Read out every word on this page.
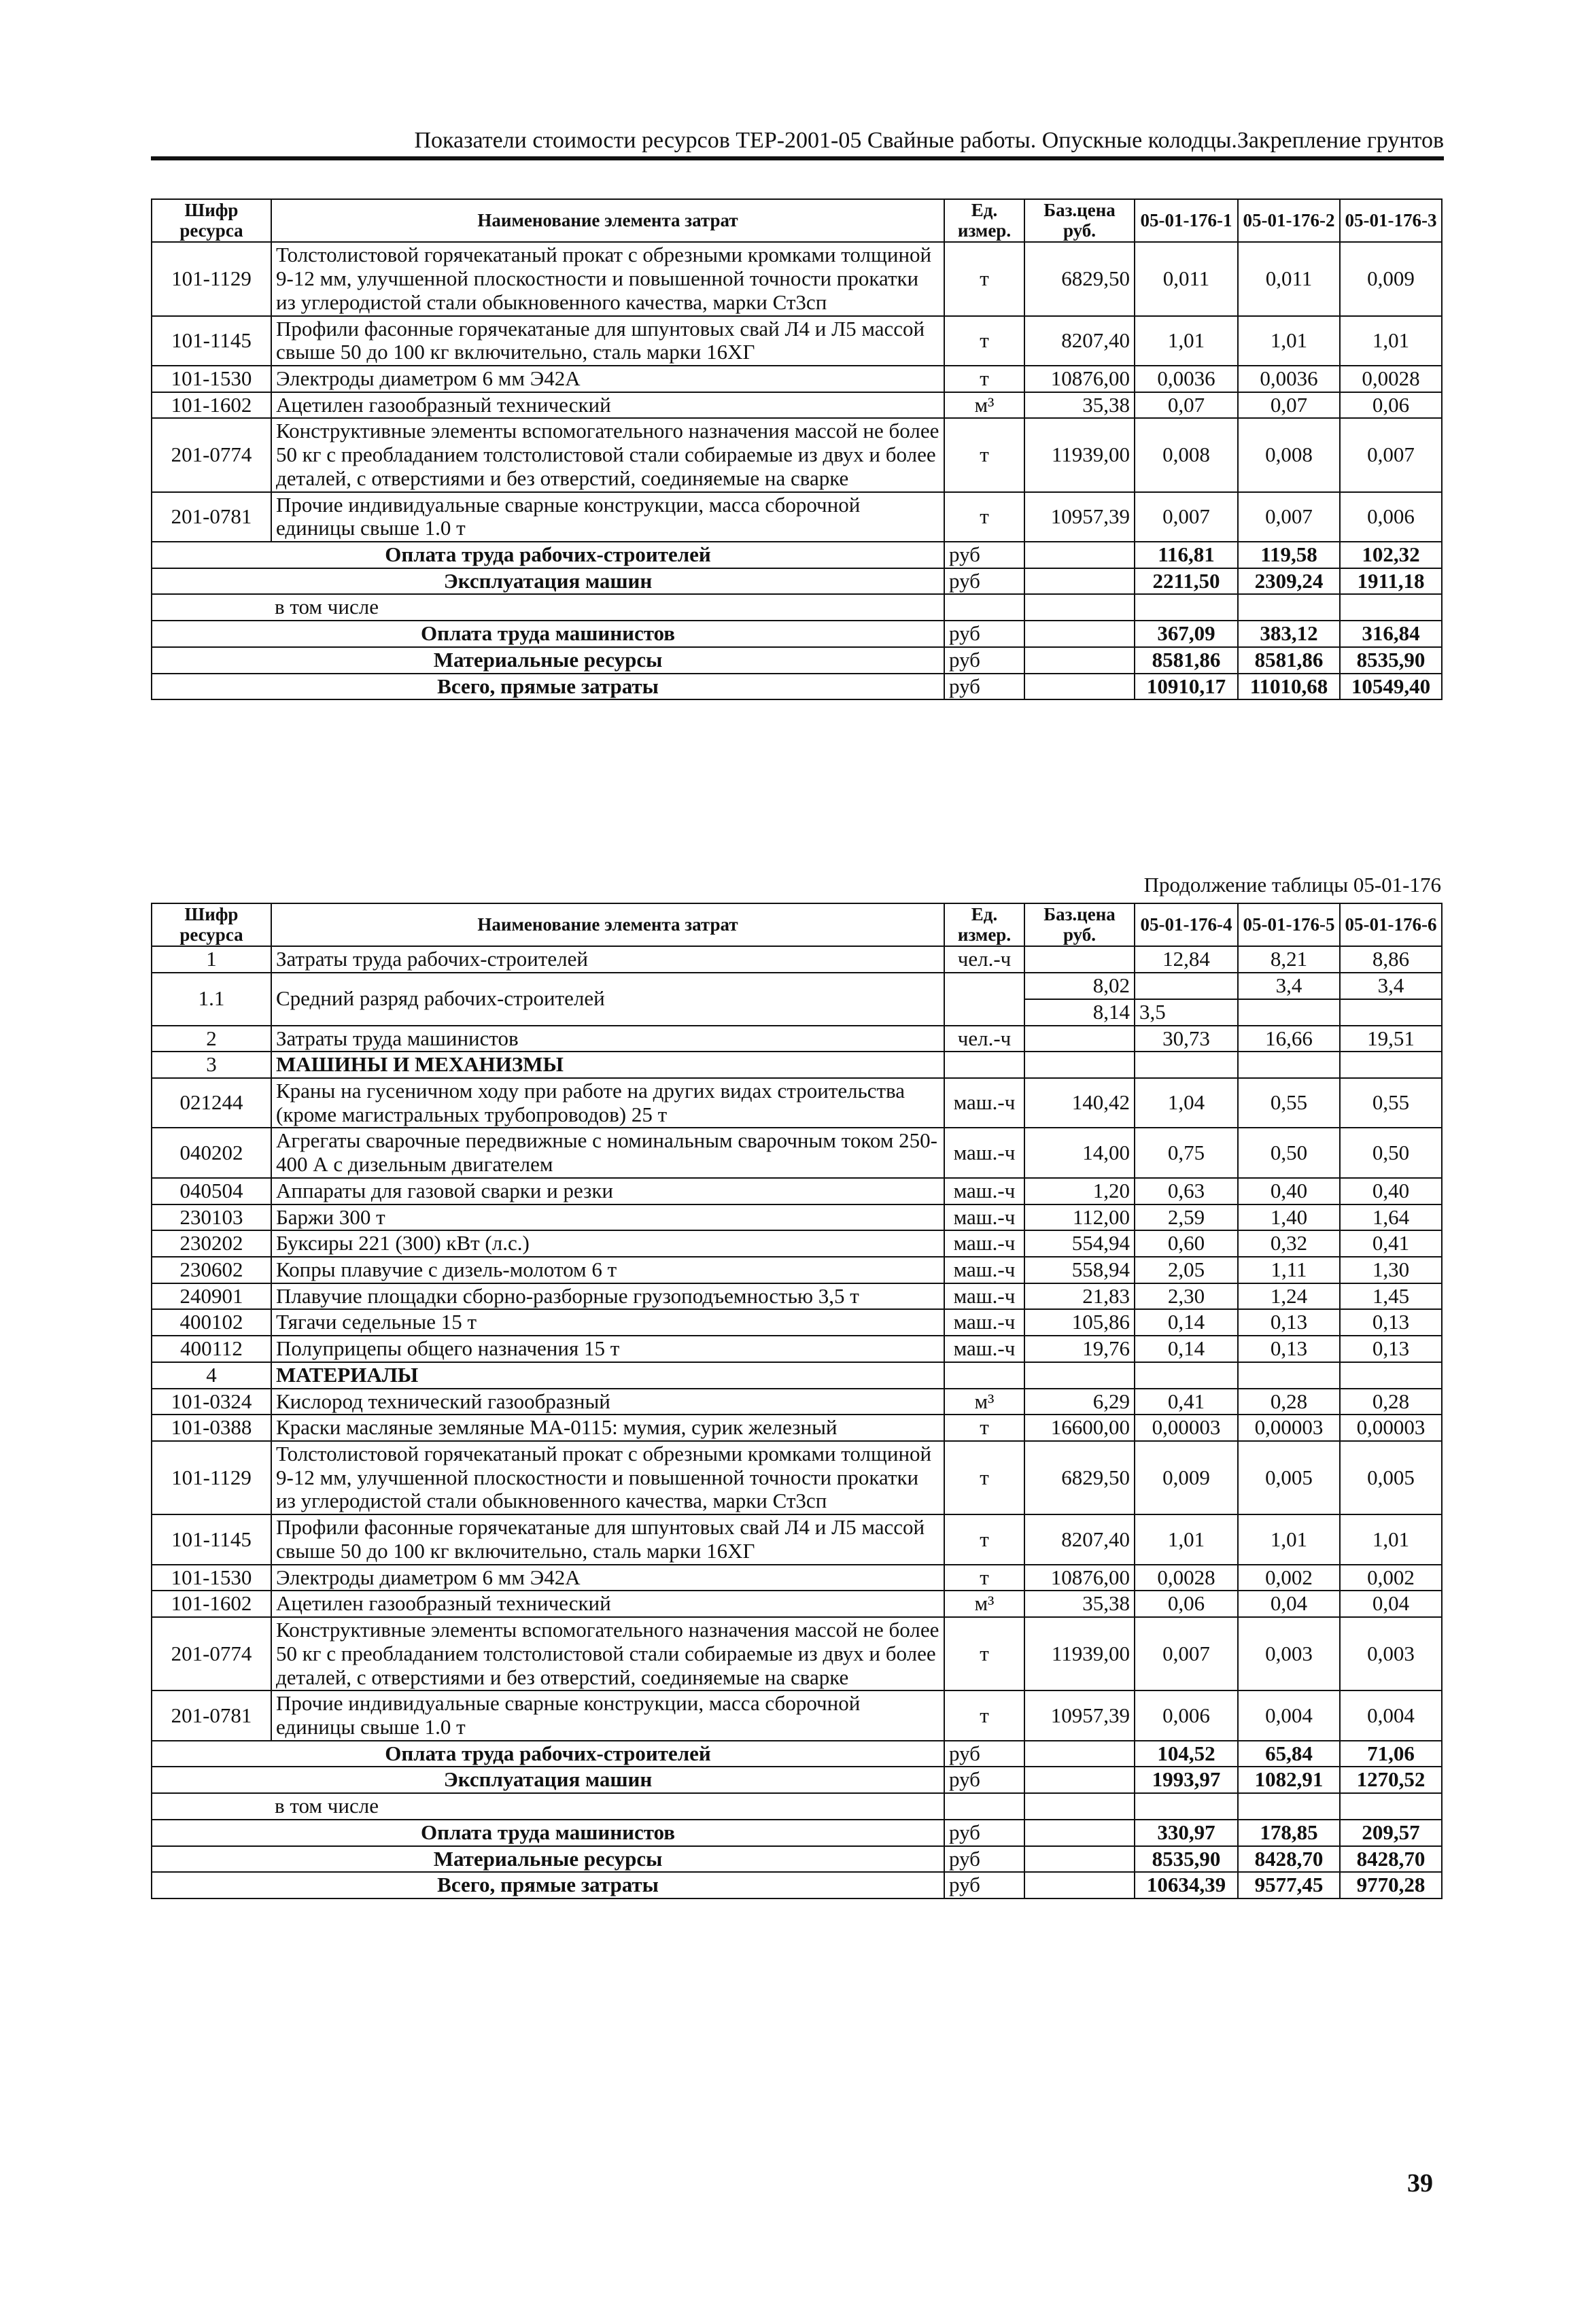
Показатели стоимости ресурсов ТЕР-2001-05 Свайные работы. Опускные колодцы.Закрепление грунтов
Шифр ресурса	Наименование элемента затрат	Ед. измер.	Баз.цена руб.	05-01-176-1	05-01-176-2	05-01-176-3
101-1129	Толстолистовой горячекатаный прокат с обрезными кромками толщиной 9-12 мм, улучшенной плоскостности и повышенной точности прокатки из углеродистой стали обыкновенного качества, марки Ст3сп	т	6829,50	0,011	0,011	0,009
101-1145	Профили фасонные горячекатаные для шпунтовых свай Л4 и Л5 массой свыше 50 до 100 кг включительно, сталь марки 16ХГ	т	8207,40	1,01	1,01	1,01
101-1530	Электроды диаметром 6 мм Э42А	т	10876,00	0,0036	0,0036	0,0028
101-1602	Ацетилен газообразный технический	м³	35,38	0,07	0,07	0,06
201-0774	Конструктивные элементы вспомогательного назначения массой не более 50 кг с преобладанием толстолистовой стали собираемые из двух и более деталей, с отверстиями и без отверстий, соединяемые на сварке	т	11939,00	0,008	0,008	0,007
201-0781	Прочие индивидуальные сварные конструкции, масса сборочной единицы свыше 1.0 т	т	10957,39	0,007	0,007	0,006
Оплата труда рабочих-строителей		руб		116,81	119,58	102,32
Эксплуатация машин		руб		2211,50	2309,24	1911,18
в том числе						
Оплата труда машинистов		руб		367,09	383,12	316,84
Материальные ресурсы		руб		8581,86	8581,86	8535,90
Всего, прямые затраты		руб		10910,17	11010,68	10549,40
Продолжение таблицы 05-01-176
Шифр ресурса	Наименование элемента затрат	Ед. измер.	Баз.цена руб.	05-01-176-4	05-01-176-5	05-01-176-6
1	Затраты труда рабочих-строителей	чел.-ч		12,84	8,21	8,86
1.1	Средний разряд рабочих-строителей		8,02		3,4	3,4
			8,14	3,5		
2	Затраты труда машинистов	чел.-ч		30,73	16,66	19,51
3	МАШИНЫ И МЕХАНИЗМЫ					
021244	Краны на гусеничном ходу при работе на других видах строительства (кроме магистральных трубопроводов) 25 т	маш.-ч	140,42	1,04	0,55	0,55
040202	Агрегаты сварочные передвижные с номинальным сварочным током 250-400 А с дизельным двигателем	маш.-ч	14,00	0,75	0,50	0,50
040504	Аппараты для газовой сварки и резки	маш.-ч	1,20	0,63	0,40	0,40
230103	Баржи 300 т	маш.-ч	112,00	2,59	1,40	1,64
230202	Буксиры 221 (300) кВт (л.с.)	маш.-ч	554,94	0,60	0,32	0,41
230602	Копры плавучие с дизель-молотом 6 т	маш.-ч	558,94	2,05	1,11	1,30
240901	Плавучие площадки сборно-разборные грузоподъемностью 3,5 т	маш.-ч	21,83	2,30	1,24	1,45
400102	Тягачи седельные 15 т	маш.-ч	105,86	0,14	0,13	0,13
400112	Полуприцепы общего назначения 15 т	маш.-ч	19,76	0,14	0,13	0,13
4	МАТЕРИАЛЫ					
101-0324	Кислород технический газообразный	м³	6,29	0,41	0,28	0,28
101-0388	Краски масляные земляные МА-0115: мумия, сурик железный	т	16600,00	0,00003	0,00003	0,00003
101-1129	Толстолистовой горячекатаный прокат с обрезными кромками толщиной 9-12 мм, улучшенной плоскостности и повышенной точности прокатки из углеродистой стали обыкновенного качества, марки Ст3сп	т	6829,50	0,009	0,005	0,005
101-1145	Профили фасонные горячекатаные для шпунтовых свай Л4 и Л5 массой свыше 50 до 100 кг включительно, сталь марки 16ХГ	т	8207,40	1,01	1,01	1,01
101-1530	Электроды диаметром 6 мм Э42А	т	10876,00	0,0028	0,002	0,002
101-1602	Ацетилен газообразный технический	м³	35,38	0,06	0,04	0,04
201-0774	Конструктивные элементы вспомогательного назначения массой не более 50 кг с преобладанием толстолистовой стали собираемые из двух и более деталей, с отверстиями и без отверстий, соединяемые на сварке	т	11939,00	0,007	0,003	0,003
201-0781	Прочие индивидуальные сварные конструкции, масса сборочной единицы свыше 1.0 т	т	10957,39	0,006	0,004	0,004
Оплата труда рабочих-строителей		руб		104,52	65,84	71,06
Эксплуатация машин		руб		1993,97	1082,91	1270,52
в том числе						
Оплата труда машинистов		руб		330,97	178,85	209,57
Материальные ресурсы		руб		8535,90	8428,70	8428,70
Всего, прямые затраты		руб		10634,39	9577,45	9770,28
39
